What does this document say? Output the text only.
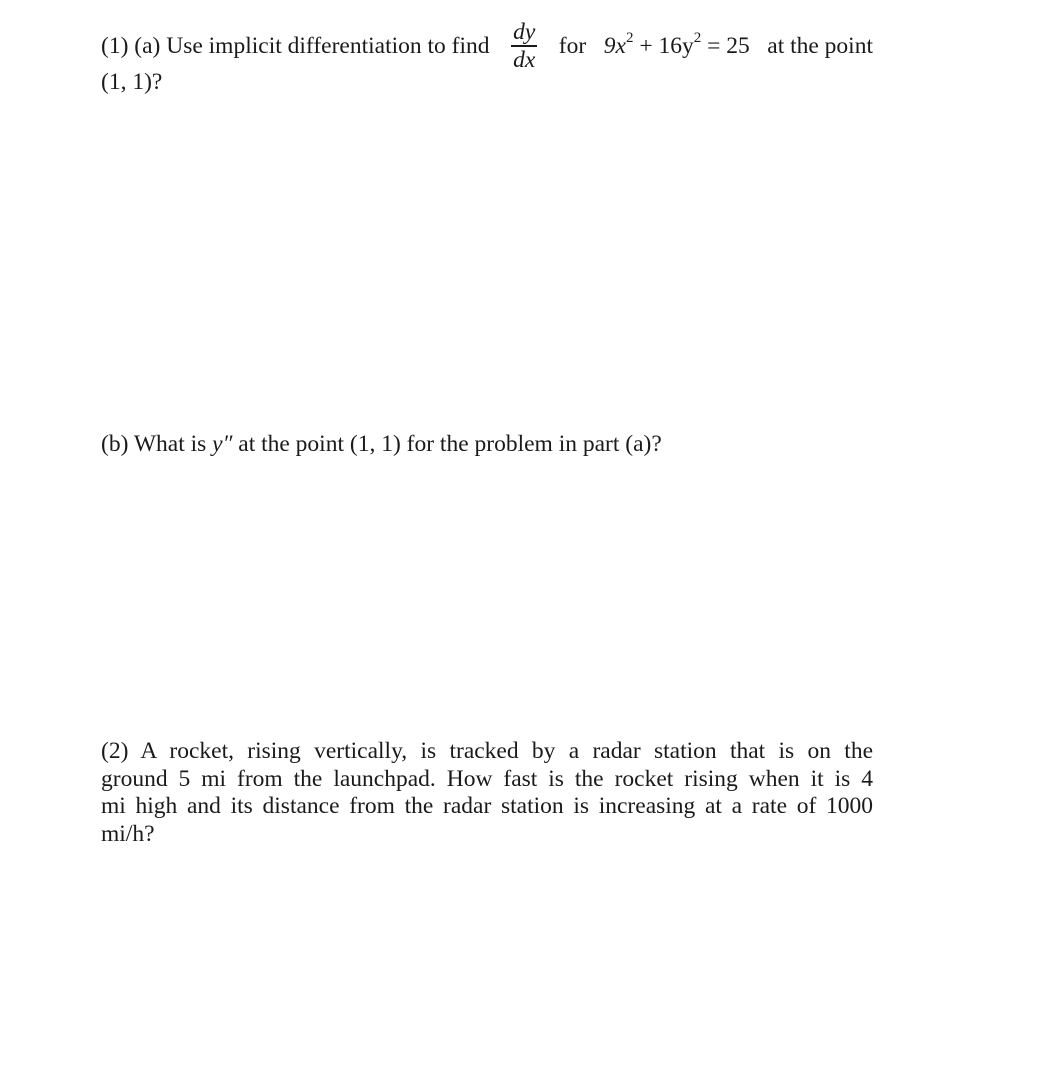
(1) (a) Use implicit differentiation to find $\frac{dy}{dx}$ for $9x^2 + 16y^2 = 25$ at the point
(1, 1)?
(b) What is y″ at the point (1, 1) for the problem in part (a)?
(2) A rocket, rising vertically, is tracked by a radar station that is on the
ground 5 mi from the launchpad. How fast is the rocket rising when it is 4
mi high and its distance from the radar station is increasing at a rate of 1000
mi/h?
